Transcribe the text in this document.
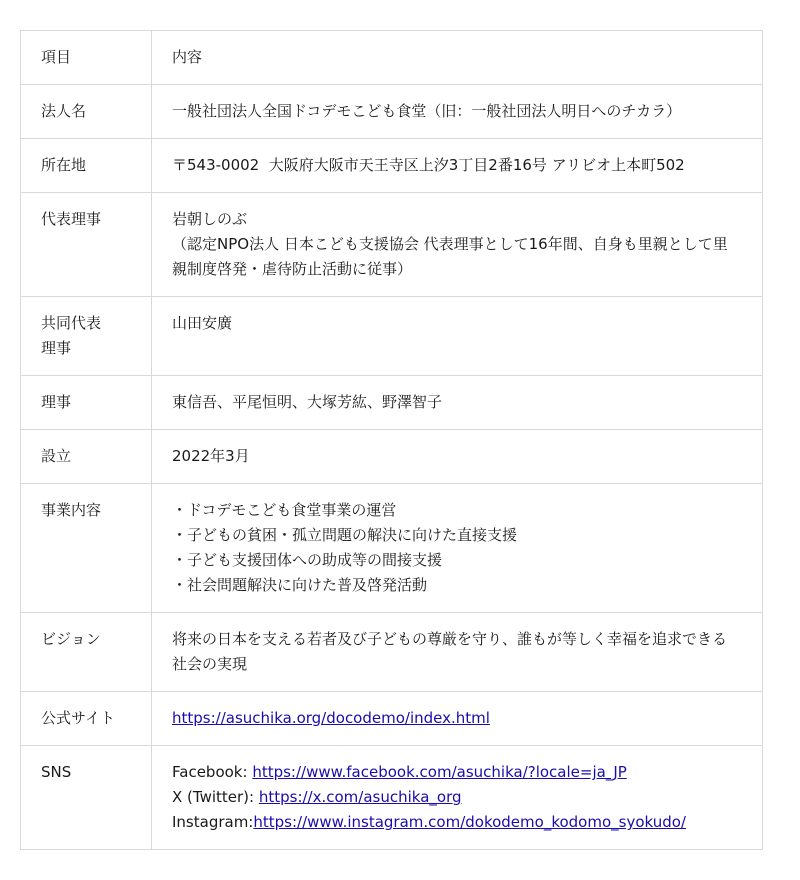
項目	内容
法人名	一般社団法人全国ドコデモこども食堂（旧：一般社団法人明日へのチカラ）
所在地	〒543-0002  大阪府大阪市天王寺区上汐3丁目2番16号 アリビオ上本町502
代表理事	岩朝しのぶ
（認定NPO法人 日本こども支援協会 代表理事として16年間、自身も里親として里親制度啓発・虐待防止活動に従事）

共同代表理事	山田安廣
理事	東信吾、平尾恒明、大塚芳紘、野澤智子
設立	2022年3月
事業内容	・ドコデモこども食堂事業の運営
・子どもの貧困・孤立問題の解決に向けた直接支援
・子ども支援団体への助成等の間接支援
・社会問題解決に向けた普及啓発活動

ビジョン	将来の日本を支える若者及び子どもの尊厳を守り、誰もが等しく幸福を追求できる社会の実現
公式サイト	https://asuchika.org/docodemo/index.html
SNS	Facebook: https://www.facebook.com/asuchika/?locale=ja_JP
X (Twitter): https://x.com/asuchika_org
Instagram:https://www.instagram.com/dokodemo_kodomo_syokudo/
